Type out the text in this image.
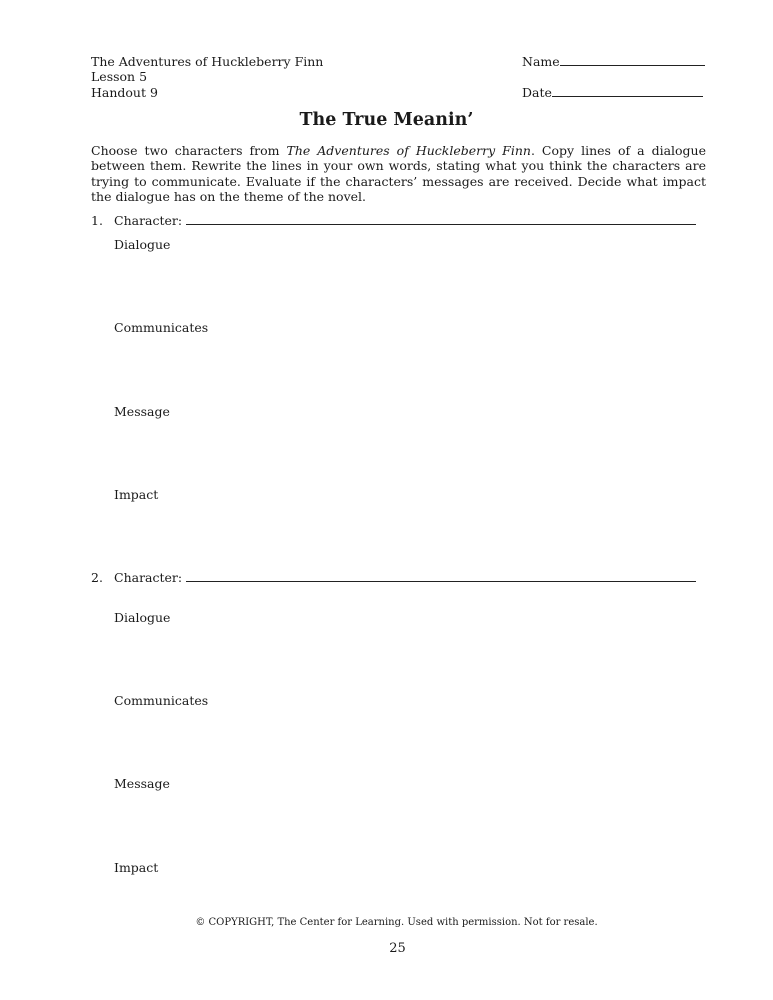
The Adventures of Huckleberry Finn
Lesson 5
Handout 9
Name
Date
The True Meanin’
Choose two characters from The Adventures of Huckleberry Finn. Copy lines of a dialogue between them. Rewrite the lines in your own words, stating what you think the characters are trying to communicate. Evaluate if the characters’ messages are received. Decide what impact the dialogue has on the theme of the novel.
1. Character:
Dialogue
Communicates
Message
Impact
2. Character:
Dialogue
Communicates
Message
Impact
© COPYRIGHT, The Center for Learning. Used with permission. Not for resale.
25
